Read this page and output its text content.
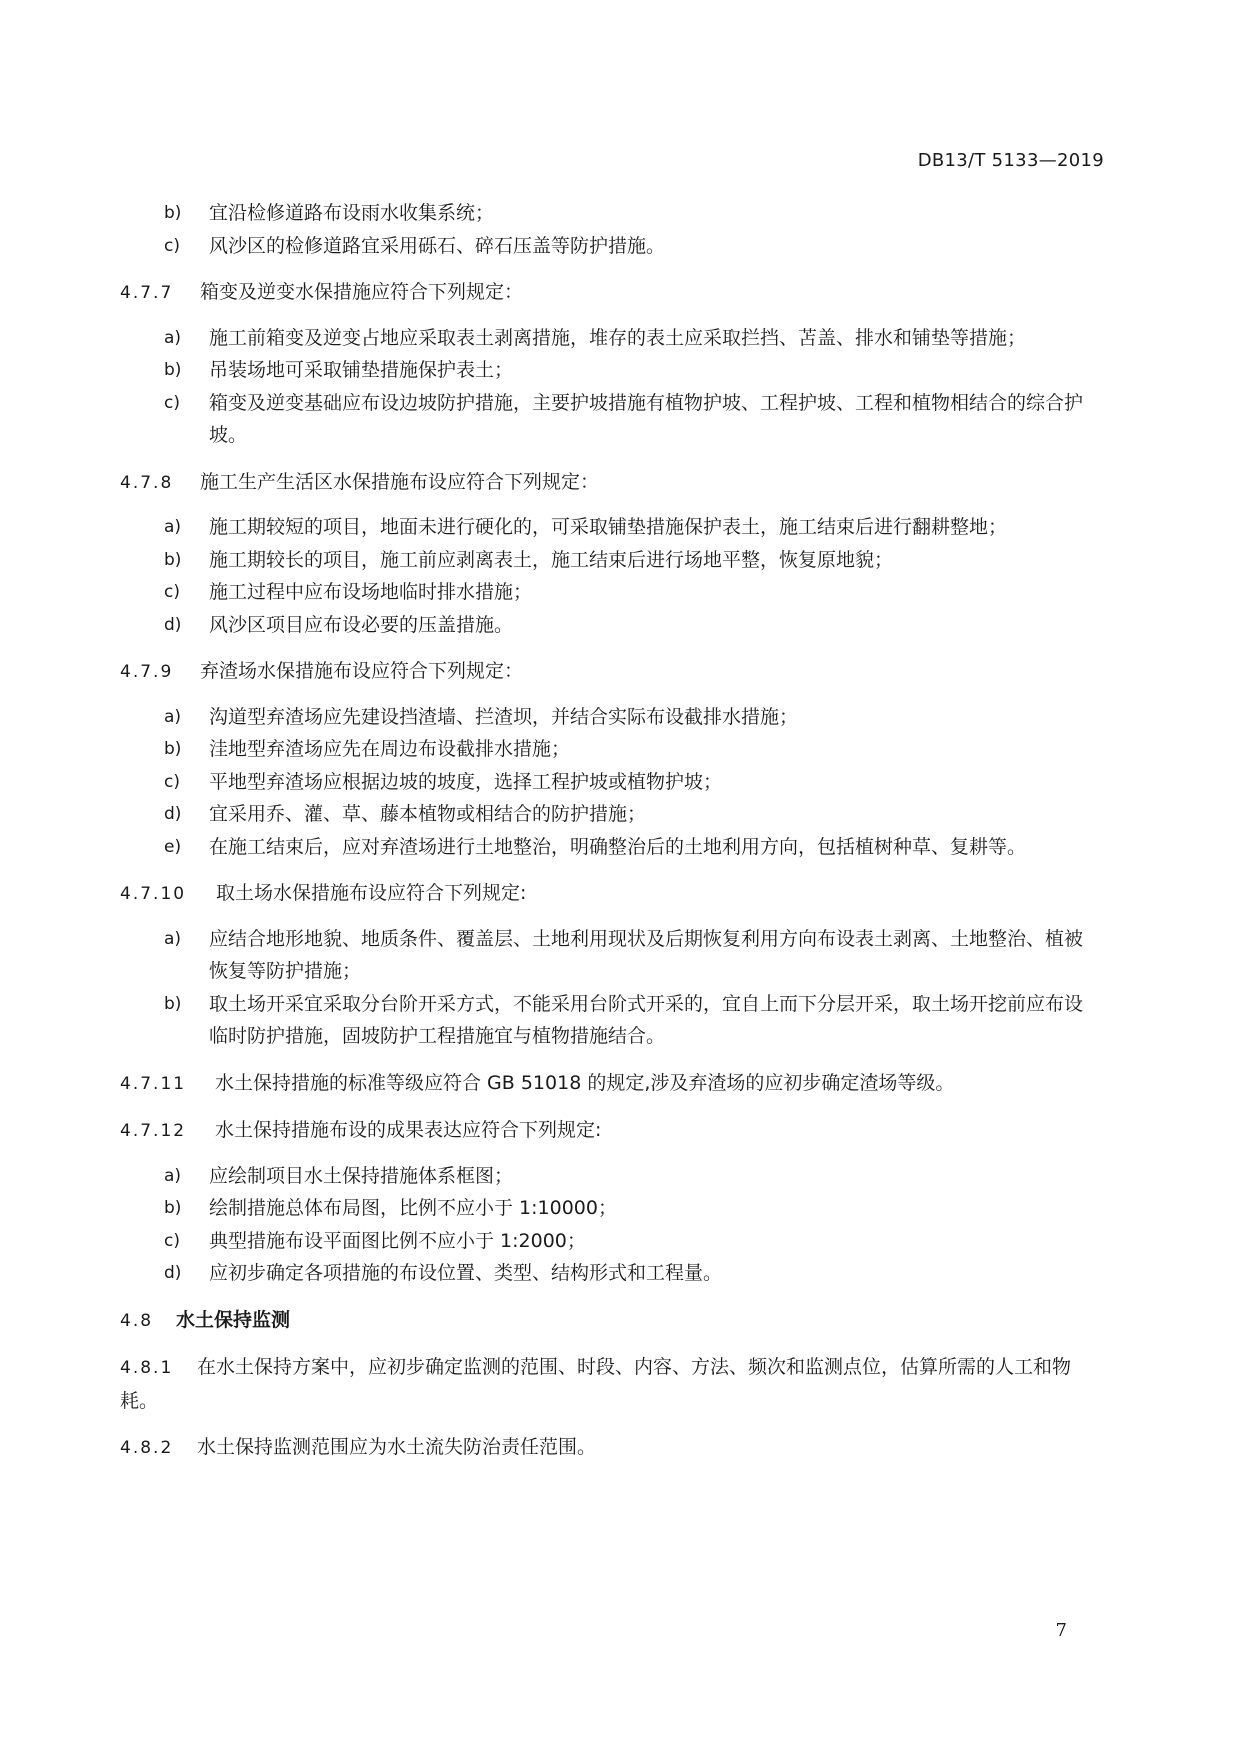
DB13/T 5133—2019
b) 宜沿检修道路布设雨水收集系统；
c) 风沙区的检修道路宜采用砾石、碎石压盖等防护措施。
4.7.7 箱变及逆变水保措施应符合下列规定：
a) 施工前箱变及逆变占地应采取表土剥离措施，堆存的表土应采取拦挡、苫盖、排水和铺垫等措施；
b) 吊装场地可采取铺垫措施保护表土；
c) 箱变及逆变基础应布设边坡防护措施，主要护坡措施有植物护坡、工程护坡、工程和植物相结合的综合护坡。
4.7.8 施工生产生活区水保措施布设应符合下列规定：
a) 施工期较短的项目，地面未进行硬化的，可采取铺垫措施保护表土，施工结束后进行翻耕整地；
b) 施工期较长的项目，施工前应剥离表土，施工结束后进行场地平整，恢复原地貌；
c) 施工过程中应布设场地临时排水措施；
d) 风沙区项目应布设必要的压盖措施。
4.7.9 弃渣场水保措施布设应符合下列规定：
a) 沟道型弃渣场应先建设挡渣墙、拦渣坝，并结合实际布设截排水措施；
b) 洼地型弃渣场应先在周边布设截排水措施；
c) 平地型弃渣场应根据边坡的坡度，选择工程护坡或植物护坡；
d) 宜采用乔、灌、草、藤本植物或相结合的防护措施；
e) 在施工结束后，应对弃渣场进行土地整治，明确整治后的土地利用方向，包括植树种草、复耕等。
4.7.10 取土场水保措施布设应符合下列规定:
a) 应结合地形地貌、地质条件、覆盖层、土地利用现状及后期恢复利用方向布设表土剥离、土地整治、植被恢复等防护措施；
b) 取土场开采宜采取分台阶开采方式，不能采用台阶式开采的，宜自上而下分层开采，取土场开挖前应布设临时防护措施，固坡防护工程措施宜与植物措施结合。
4.7.11 水土保持措施的标准等级应符合 GB 51018 的规定,涉及弃渣场的应初步确定渣场等级。
4.7.12 水土保持措施布设的成果表达应符合下列规定:
a) 应绘制项目水土保持措施体系框图；
b) 绘制措施总体布局图，比例不应小于 1:10000；
c) 典型措施布设平面图比例不应小于 1:2000；
d) 应初步确定各项措施的布设位置、类型、结构形式和工程量。
4.8 水土保持监测
4.8.1 在水土保持方案中，应初步确定监测的范围、时段、内容、方法、频次和监测点位，估算所需的人工和物耗。
4.8.2 水土保持监测范围应为水土流失防治责任范围。
7
